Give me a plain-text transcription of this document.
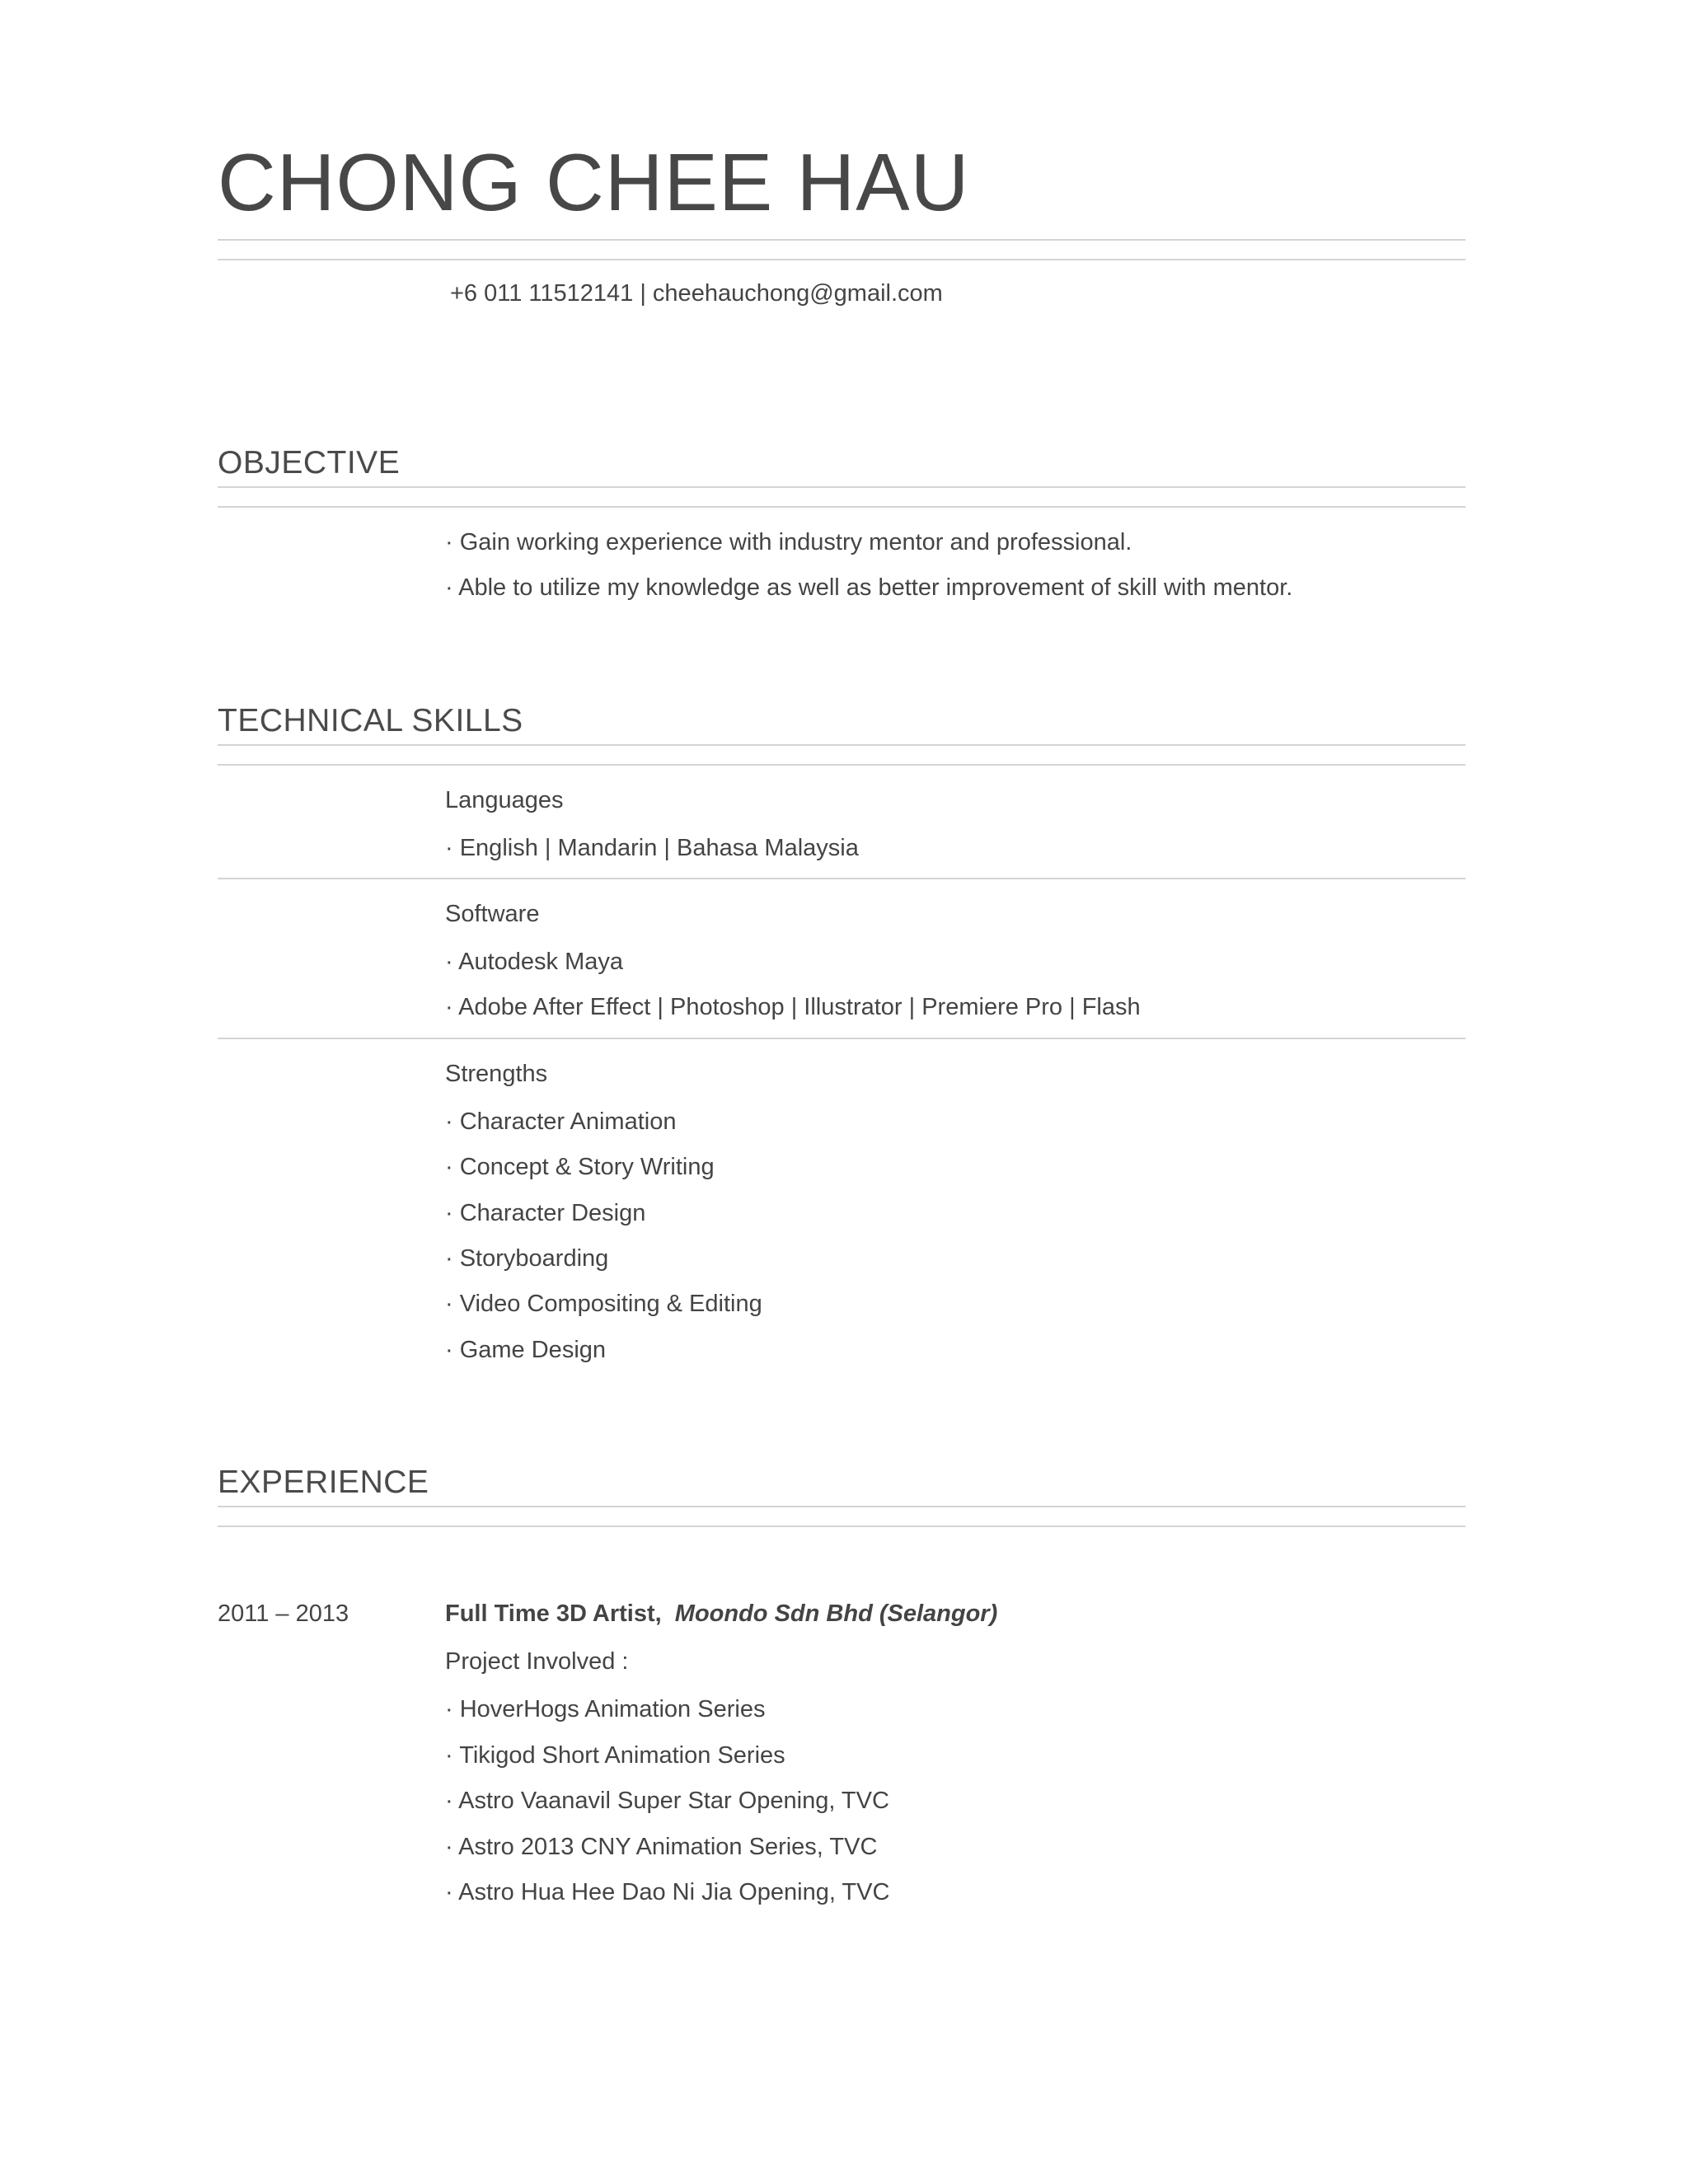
CHONG CHEE HAU
+6 011 11512141 | cheehauchong@gmail.com
OBJECTIVE
· Gain working experience with industry mentor and professional.
· Able to utilize my knowledge as well as better improvement of skill with mentor.
TECHNICAL SKILLS
Languages
· English | Mandarin | Bahasa Malaysia
Software
· Autodesk Maya
· Adobe After Effect | Photoshop | Illustrator | Premiere Pro | Flash
Strengths
· Character Animation
· Concept & Story Writing
· Character Design
· Storyboarding
· Video Compositing & Editing
· Game Design
EXPERIENCE
2011 – 2013	Full Time 3D Artist, Moondo Sdn Bhd (Selangor)
Project Involved :
· HoverHogs Animation Series
· Tikigod Short Animation Series
· Astro Vaanavil Super Star Opening, TVC
· Astro 2013 CNY Animation Series, TVC
· Astro Hua Hee Dao Ni Jia Opening, TVC
